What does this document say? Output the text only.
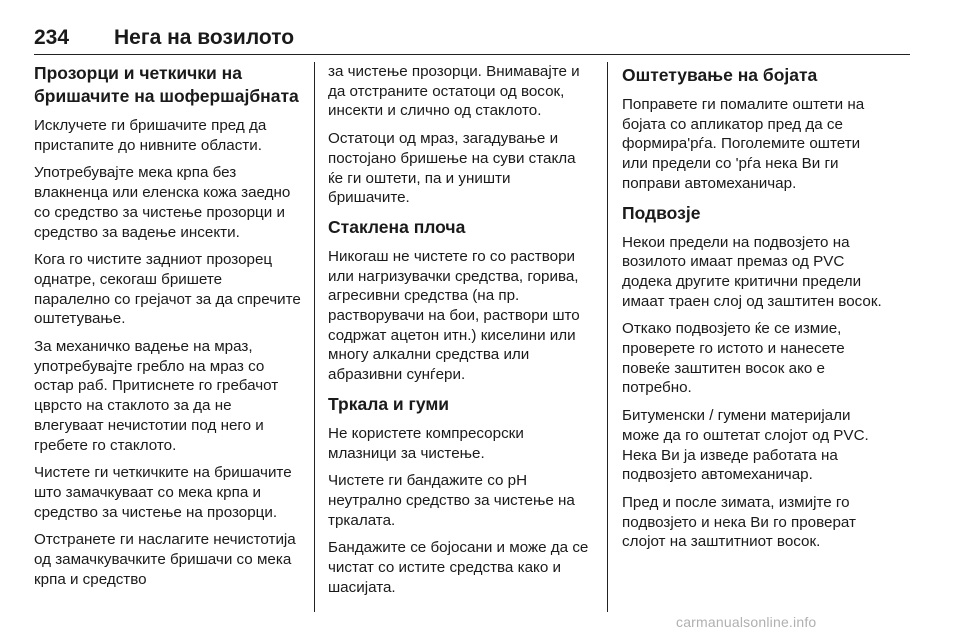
234 Нега на возилото
Прозорци и четкички на бришачите на шофершајбната

Исклучете ги бришачите пред да пристапите до нивните области.

Употребувајте мека крпа без влакненца или еленска кожа заедно со средство за чистење прозорци и средство за вадење инсекти.

Кога го чистите задниот прозорец однатре, секогаш бришете паралелно со грејачот за да спречите оштетување.

За механичко вадење на мраз, употребувајте гребло на мраз со остар раб. Притиснете го гребачот цврсто на стаклото за да не влегуваат нечистотии под него и гребете го стаклото.

Чистете ги четкичките на бришачите што замачкуваат со мека крпа и средство за чистење на прозорци.

Отстранете ги наслагите нечистотија од замачкувачките бришачи со мека крпа и средство

за чистење прозорци. Внимавајте и да отстраните остатоци од восок, инсекти и слично од стаклото.

Остатоци од мраз, загадување и постојано бришење на суви стакла ќе ги оштети, па и уништи бришачите.

Стаклена плоча

Никогаш не чистете го со раствори или нагризувачки средства, горива, агресивни средства (на пр. растворувачи на бои, раствори што содржат ацетон итн.) киселини или многу алкални средства или абразивни сунѓери.

Тркала и гуми

Не користете компресорски млазници за чистење.

Чистете ги бандажите со pH неутрално средство за чистење на тркалата.

Бандажите се бојосани и може да се чистат со истите средства како и шасијата.

Оштетување на бојата

Поправете ги помалите оштети на бојата со апликатор пред да се формира'рѓа. Поголемите оштети или предели со 'рѓа нека Ви ги поправи автомеханичар.

Подвозје

Некои предели на подвозјето на возилото имаат премаз од PVC додека другите критични предели имаат траен слој од заштитен восок.

Откако подвозјето ќе се измие, проверете го истото и нанесете повеќе заштитен восок ако е потребно.

Битуменски / гумени материјали може да го оштетат слојот од PVC. Нека Ви ја изведе работата на подвозјето автомеханичар.

Пред и после зимата, измијте го подвозјето и нека Ви го проверат слојот на заштитниот восок.

carmanualsonline.info
